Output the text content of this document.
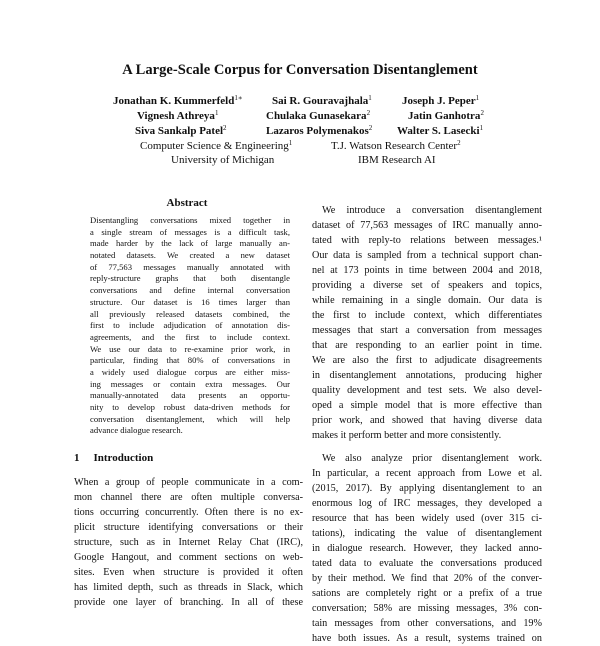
A Large-Scale Corpus for Conversation Disentanglement
Jonathan K. Kummerfeld$^{1∗}$	Sai R. Gouravajhala$^1$	Joseph J. Peper$^1$
Vignesh Athreya$^1$	Chulaka Gunasekara$^2$	Jatin Ganhotra$^2$
Siva Sankalp Patel$^2$	Lazaros Polymenakos$^2$ Walter S. Lasecki$^1$
Computer Science & Engineering$^1$
University of Michigan
T.J. Watson Research Center$^2$
IBM Research AI
Abstract
Disentangling conversations mixed together in
a single stream of messages is a difficult task,
made harder by the lack of large manually an-
notated datasets. We created a new dataset
of 77,563 messages manually annotated with
reply-structure graphs that both disentangle
conversations and define internal conversation
structure. Our dataset is 16 times larger than
all previously released datasets combined, the
first to include adjudication of annotation dis-
agreements, and the first to include context.
We use our data to re-examine prior work, in
particular, finding that 80% of conversations in
a widely used dialogue corpus are either miss-
ing messages or contain extra messages. Our
manually-annotated data presents an opportu-
nity to develop robust data-driven methods for
conversation disentanglement, which will help
advance dialogue research.
1 Introduction
When a group of people communicate in a com-
mon channel there are often multiple conversa-
tions occurring concurrently. Often there is no ex-
plicit structure identifying conversations or their
structure, such as in Internet Relay Chat (IRC),
Google Hangout, and comment sections on web-
sites. Even when structure is provided it often
has limited depth, such as threads in Slack, which
provide one layer of branching. In all of these
We introduce a conversation disentanglement
dataset of 77,563 messages of IRC manually anno-
tated with reply-to relations between messages.¹
Our data is sampled from a technical support chan-
nel at 173 points in time between 2004 and 2018,
providing a diverse set of speakers and topics,
while remaining in a single domain. Our data is
the first to include context, which differentiates
messages that start a conversation from messages
that are responding to an earlier point in time.
We are also the first to adjudicate disagreements
in disentanglement annotations, producing higher
quality development and test sets. We also devel-
oped a simple model that is more effective than
prior work, and showed that having diverse data
makes it perform better and more consistently.
We also analyze prior disentanglement work.
In particular, a recent approach from Lowe et al.
(2015, 2017). By applying disentanglement to an
enormous log of IRC messages, they developed a
resource that has been widely used (over 315 ci-
tations), indicating the value of disentanglement
in dialogue research. However, they lacked anno-
tated data to evaluate the conversations produced
by their method. We find that 20% of the conver-
sations are completely right or a prefix of a true
conversation; 58% are missing messages, 3% con-
tain messages from other conversations, and 19%
have both issues. As a result, systems trained on
